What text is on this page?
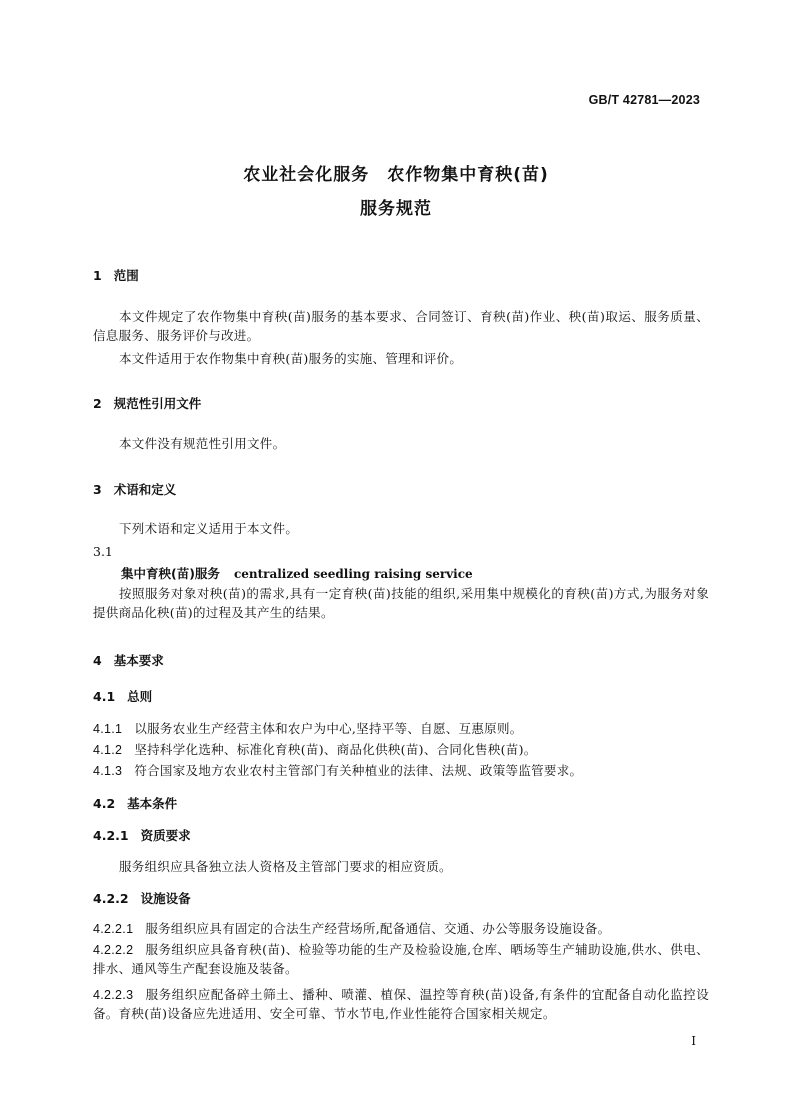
GB/T 42781—2023
农业社会化服务　农作物集中育秧(苗)
服务规范
1 范围
本文件规定了农作物集中育秧(苗)服务的基本要求、合同签订、育秧(苗)作业、秧(苗)取运、服务质量、信息服务、服务评价与改进。
本文件适用于农作物集中育秧(苗)服务的实施、管理和评价。
2 规范性引用文件
本文件没有规范性引用文件。
3 术语和定义
下列术语和定义适用于本文件。
3.1
集中育秧(苗)服务 centralized seedling raising service
按照服务对象对秧(苗)的需求,具有一定育秧(苗)技能的组织,采用集中规模化的育秧(苗)方式,为服务对象提供商品化秧(苗)的过程及其产生的结果。
4 基本要求
4.1 总则
4.1.1 以服务农业生产经营主体和农户为中心,坚持平等、自愿、互惠原则。
4.1.2 坚持科学化选种、标准化育秧(苗)、商品化供秧(苗)、合同化售秧(苗)。
4.1.3 符合国家及地方农业农村主管部门有关种植业的法律、法规、政策等监管要求。
4.2 基本条件
4.2.1 资质要求
服务组织应具备独立法人资格及主管部门要求的相应资质。
4.2.2 设施设备
4.2.2.1 服务组织应具有固定的合法生产经营场所,配备通信、交通、办公等服务设施设备。
4.2.2.2 服务组织应具备育秧(苗)、检验等功能的生产及检验设施,仓库、晒场等生产辅助设施,供水、供电、排水、通风等生产配套设施及装备。
4.2.2.3 服务组织应配备碎土筛土、播种、喷灌、植保、温控等育秧(苗)设备,有条件的宜配备自动化监控设备。育秧(苗)设备应先进适用、安全可靠、节水节电,作业性能符合国家相关规定。
I
